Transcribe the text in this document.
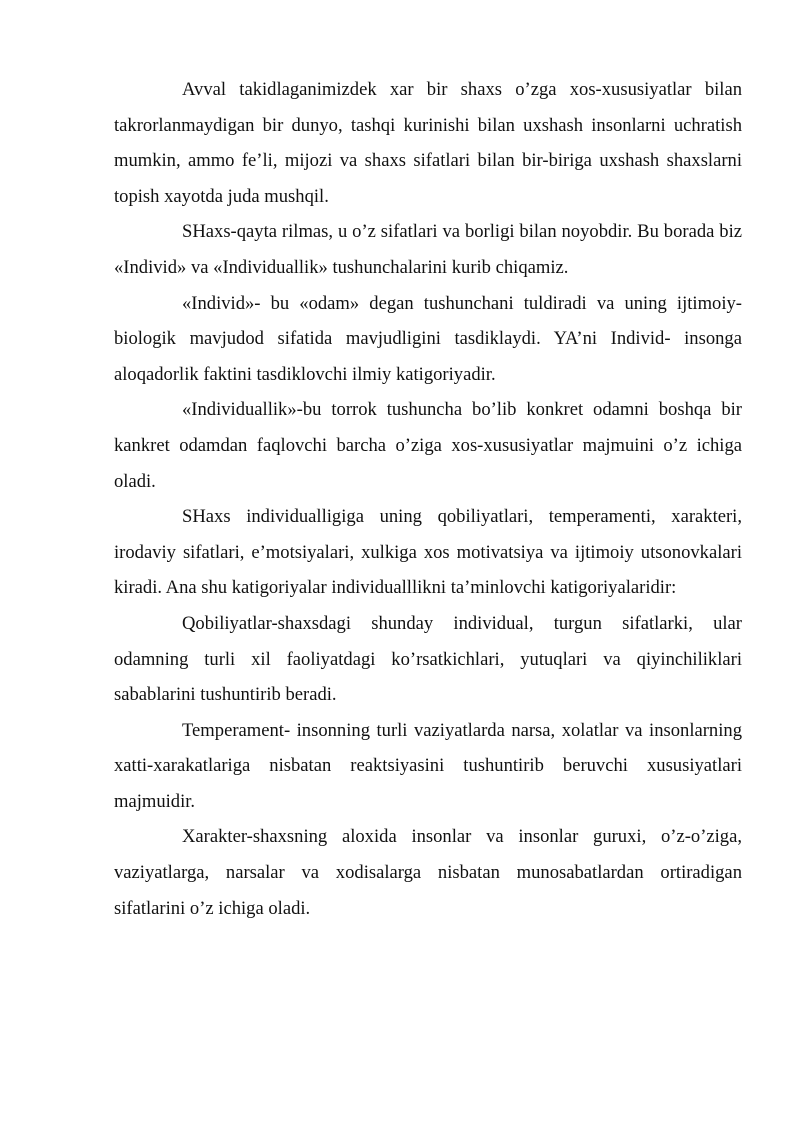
Avval takidlaganimizdek xar bir shaxs o’zga xos-xususiyatlar bilan takrorlanmaydigan bir dunyo, tashqi kurinishi bilan uxshash insonlarni uchratish mumkin, ammo fe’li, mijozi va shaxs sifatlari bilan bir-biriga uxshash shaxslarni topish xayotda juda mushqil.

SHaxs-qayta rilmas, u o’z sifatlari va borligi bilan noyobdir. Bu borada biz «Individ» va «Individuallik» tushunchalarini kurib chiqamiz.

«Individ»- bu «odam» degan tushunchani tuldiradi va uning ijtimoiy-biologik mavjudod sifatida mavjudligini tasdiklaydi. YA’ni Individ- insonga aloqadorlik faktini tasdiklovchi ilmiy katigoriyadir.

«Individuallik»-bu torrok tushuncha bo’lib konkret odamni boshqa bir kankret odamdan faqlovchi barcha o’ziga xos-xususiyatlar majmuini o’z ichiga oladi.

SHaxs individualligiga uning qobiliyatlari, temperamenti, xarakteri, irodaviy sifatlari, e’motsiyalari, xulkiga xos motivatsiya va ijtimoiy utsonovkalari kiradi. Ana shu katigoriyalar individualllikni ta’minlovchi katigoriyalaridir:

Qobiliyatlar-shaxsdagi shunday individual, turgun sifatlarki, ular odamning turli xil faoliyatdagi ko’rsatkichlari, yutuqlari va qiyinchiliklari sabablarini tushuntirib beradi.

Temperament- insonning turli vaziyatlarda narsa, xolatlar va insonlarning xatti-xarakatlariga nisbatan reaktsiyasini tushuntirib beruvchi xususiyatlari majmuidir.

Xarakter-shaxsning aloxida insonlar va insonlar guruxi, o’z-o’ziga, vaziyatlarga, narsalar va xodisalarga nisbatan munosabatlardan ortiradigan sifatlarini o’z ichiga oladi.
